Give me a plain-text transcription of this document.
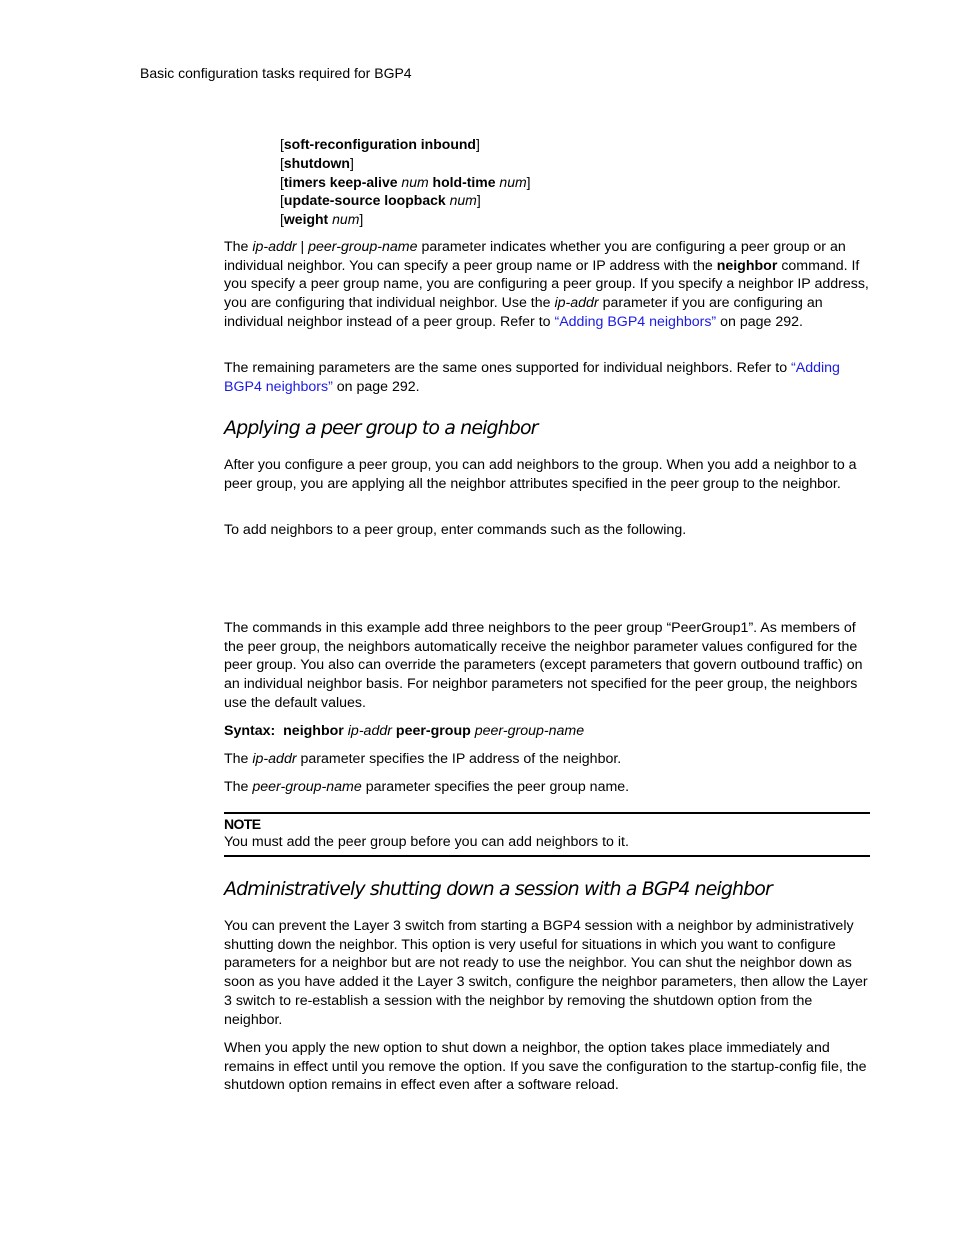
Basic configuration tasks required for BGP4
[soft-reconfiguration inbound]
[shutdown]
[timers keep-alive num hold-time num]
[update-source loopback num]
[weight num]

The ip-addr | peer-group-name parameter indicates whether you are configuring a peer group or an individual neighbor. You can specify a peer group name or IP address with the neighbor command. If you specify a peer group name, you are configuring a peer group. If you specify a neighbor IP address, you are configuring that individual neighbor. Use the ip-addr parameter if you are configuring an individual neighbor instead of a peer group. Refer to “Adding BGP4 neighbors” on page 292.

The remaining parameters are the same ones supported for individual neighbors. Refer to “Adding BGP4 neighbors” on page 292.

Applying a peer group to a neighbor

After you configure a peer group, you can add neighbors to the group. When you add a neighbor to a peer group, you are applying all the neighbor attributes specified in the peer group to the neighbor.

To add neighbors to a peer group, enter commands such as the following.

The commands in this example add three neighbors to the peer group “PeerGroup1”. As members of the peer group, the neighbors automatically receive the neighbor parameter values configured for the peer group. You also can override the parameters (except parameters that govern outbound traffic) on an individual neighbor basis. For neighbor parameters not specified for the peer group, the neighbors use the default values.

Syntax: neighbor ip-addr peer-group peer-group-name

The ip-addr parameter specifies the IP address of the neighbor.

The peer-group-name parameter specifies the peer group name.

NOTE

You must add the peer group before you can add neighbors to it.

Administratively shutting down a session with a BGP4 neighbor

You can prevent the Layer 3 switch from starting a BGP4 session with a neighbor by administratively shutting down the neighbor. This option is very useful for situations in which you want to configure parameters for a neighbor but are not ready to use the neighbor. You can shut the neighbor down as soon as you have added it the Layer 3 switch, configure the neighbor parameters, then allow the Layer 3 switch to re-establish a session with the neighbor by removing the shutdown option from the neighbor.

When you apply the new option to shut down a neighbor, the option takes place immediately and remains in effect until you remove the option. If you save the configuration to the startup-config file, the shutdown option remains in effect even after a software reload.
